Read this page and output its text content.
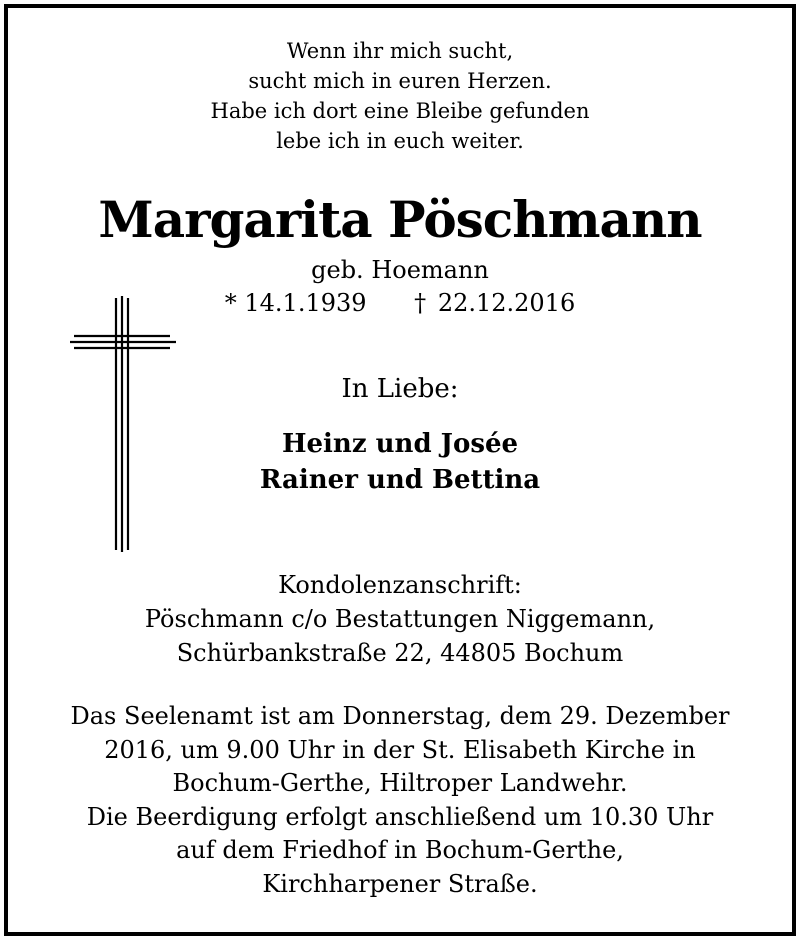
Wenn ihr mich sucht,
sucht mich in euren Herzen.
Habe ich dort eine Bleibe gefunden
lebe ich in euch weiter.
Margarita Pöschmann
geb. Hoemann
* 14.1.1939 † 22.12.2016
In Liebe:
Heinz und Josée
Rainer und Bettina
Kondolenzanschrift:
Pöschmann c/o Bestattungen Niggemann,
Schürbankstraße 22, 44805 Bochum
Das Seelenamt ist am Donnerstag, dem 29. Dezember
2016, um 9.00 Uhr in der St. Elisabeth Kirche in
Bochum-Gerthe, Hiltroper Landwehr.
Die Beerdigung erfolgt anschließend um 10.30 Uhr
auf dem Friedhof in Bochum-Gerthe,
Kirchharpener Straße.
